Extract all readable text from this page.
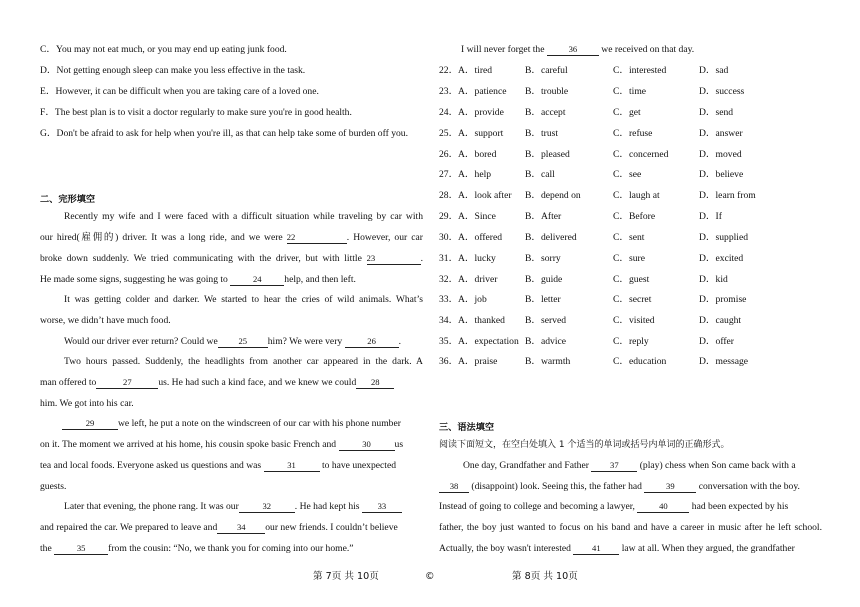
C．You may not eat much, or you may end up eating junk food.
D．Not getting enough sleep can make you less effective in the task.
E．However, it can be difficult when you are taking care of a loved one.
F．The best plan is to visit a doctor regularly to make sure you're in good health.
G．Don't be afraid to ask for help when you're ill, as that can help take some of burden off you.
二、完形填空
Recently my wife and I were faced with a difficult situation while traveling by car with
our hired(雇佣的) driver. It was a long ride, and we were 22	. However, our car
broke down suddenly. We tried communicating with the driver, but with little 23	.
He made some signs, suggesting he was going to	24 help, and then left.
It was getting colder and darker. We started to hear the cries of wild animals. What’s
worse, we didn’t have much food.
Would our driver ever return? Could we 25 him? We were very	26 .
Two hours passed. Suddenly, the headlights from another car appeared in the dark. A
man offered to	27	us. He had such a kind face, and we knew we could 28
him. We got into his car.
29 we left, he put a note on the windscreen of our car with his phone number
on it. The moment we arrived at his home, his cousin spoke basic French and	30 us
tea and local foods. Everyone asked us questions and was	31	to have unexpected
guests.
Later that evening, the phone rang. It was our	32 . He had kept his 33
and repaired the car. We prepared to leave and 34 our new friends. I couldn’t believe
the	35 from the cousin: “No, we thank you for coming into our home.”
I will never forget the	36	we received on that day.
22． A．tired	B．careful	C．interested	D．sad
23． A．patience B．trouble	C．time	D．success
24． A．provide B．accept	C．get	D．send
25． A．support B．trust	C．refuse	D．answer
26． A．bored	B．pleased	C．concerned	D．moved
27． A．help	B．call	C．see	D．believe
28． A．look after B．depend on	C．laugh at	D．learn from
29． A．Since	B．After	C．Before	D．If
30． A．offered B．delivered	C．sent	D．supplied
31． A．lucky	B．sorry	C．sure	D．excited
32． A．driver	B．guide	C．guest	D．kid
33． A．job	B．letter	C．secret	D．promise
34． A．thanked B．served	C．visited	D．caught
35． A．expectation B．advice	C．reply	D．offer
36． A．praise	B．warmth	C．education	D．message
三、语法填空
阅读下面短文，在空白处填入 1 个适当的单词或括号内单词的正确形式。
One day, Grandfather and Father 37 (play) chess when Son came back with a
38 (disappoint) look. Seeing this, the father had	39	conversation with the boy.
Instead of going to college and becoming a lawyer,	40	had been expected by his
father, the boy just wanted to focus on his band and have a career in music after he left school.
Actually, the boy wasn't interested 41 law at all. When they argued, the grandfather
第 7页 共 10页	©	第 8页 共 10页
